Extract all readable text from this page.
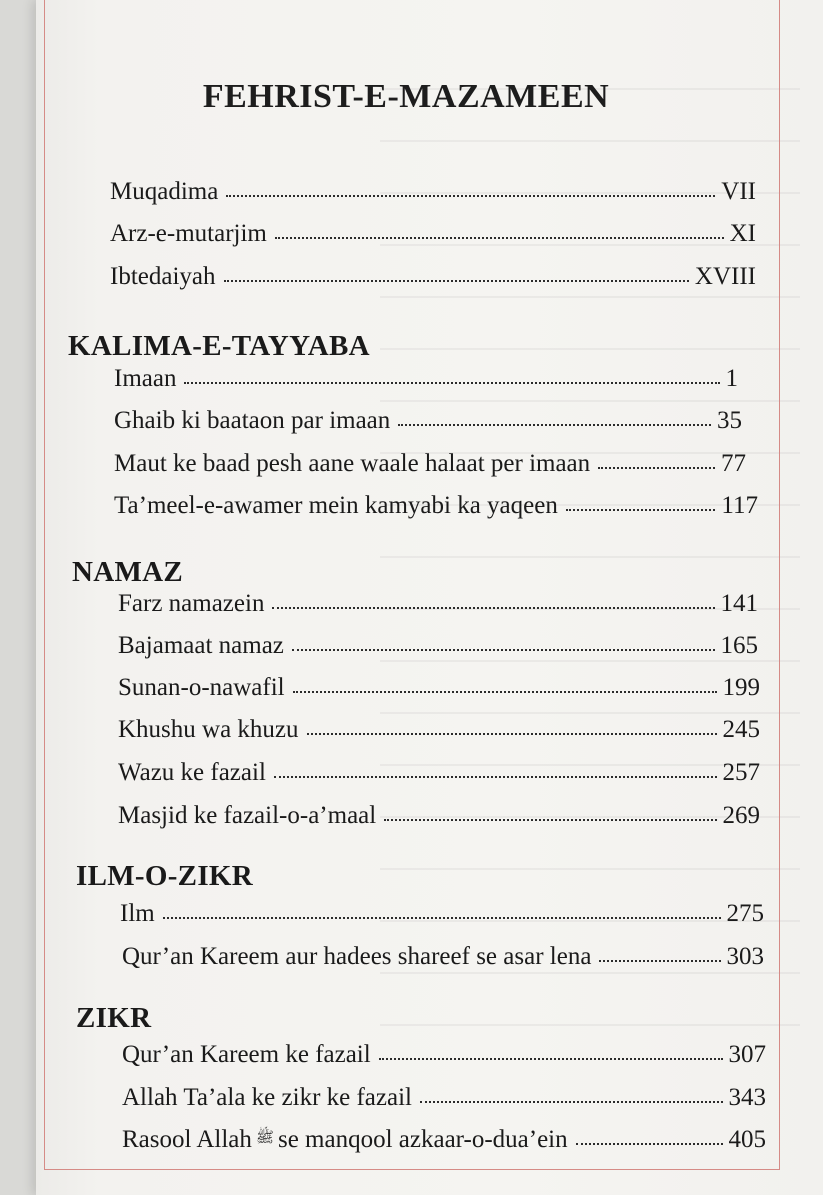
FEHRIST-E-MAZAMEEN
Muqadima	VII
Arz-e-mutarjim	XI
Ibtedaiyah	XVIII
KALIMA-E-TAYYABA
Imaan	1
Ghaib ki baataon par imaan	35
Maut ke baad pesh aane waale halaat per imaan	77
Ta’meel-e-awamer mein kamyabi ka yaqeen	117
NAMAZ
Farz namazein	141
Bajamaat namaz	165
Sunan-o-nawafil	199
Khushu wa khuzu	245
Wazu ke fazail	257
Masjid ke fazail-o-a’maal	269
ILM-O-ZIKR
Ilm	275
Qur’an Kareem aur hadees shareef se asar lena	303
ZIKR
Qur’an Kareem ke fazail	307
Allah Ta’ala ke zikr ke fazail	343
Rasool Allah ﷺ se manqool azkaar-o-dua’ein	405
